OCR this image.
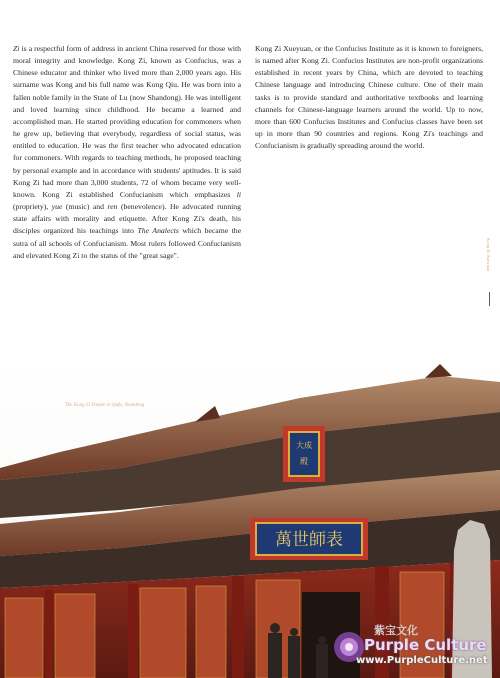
Zi is a respectful form of address in ancient China reserved for those with moral integrity and knowledge. Kong Zi, known as Confucius, was a Chinese educator and thinker who lived more than 2,000 years ago. His surname was Kong and his full name was Kong Qiu. He was born into a fallen noble family in the State of Lu (now Shandong). He was intelligent and loved learning since childhood. He became a learned and accomplished man. He started providing education for commoners when he grew up, believing that everybody, regardless of social status, was entitled to education. He was the first teacher who advocated education for commoners. With regards to teaching methods, he proposed teaching by personal example and in accordance with students' aptitudes. It is said Kong Zi had more than 3,000 students, 72 of whom became very well-known. Kong Zi established Confucianism which emphasizes li (propriety), yue (music) and ren (benevolence). He advocated running state affairs with morality and etiquette. After Kong Zi's death, his disciples organized his teachings into The Analects which became the sutra of all schools of Confucianism. Most rulers followed Confucianism and elevated Kong Zi to the status of the "great sage".

Kong Zi Xueyuan, or the Confucius Institute as it is known to foreigners, is named after Kong Zi. Confucius Institutes are non-profit organizations established in recent years by China, which are devoted to teaching Chinese language and introducing Chinese culture. One of their main tasks is to provide standard and authoritative textbooks and learning channels for Chinese-language learners around the world. Up to now, more than 600 Confucius Institutes and Confucius classes have been set up in more than 90 countries and regions. Kong Zi's teachings and Confucianism is gradually spreading around the world.

Kong Zi Xueyuan
大成
殿
萬世師表
The Kong Zi Temple in Qufu, Shandong
紫宝文化
Purple Culture
www.PurpleCulture.net
